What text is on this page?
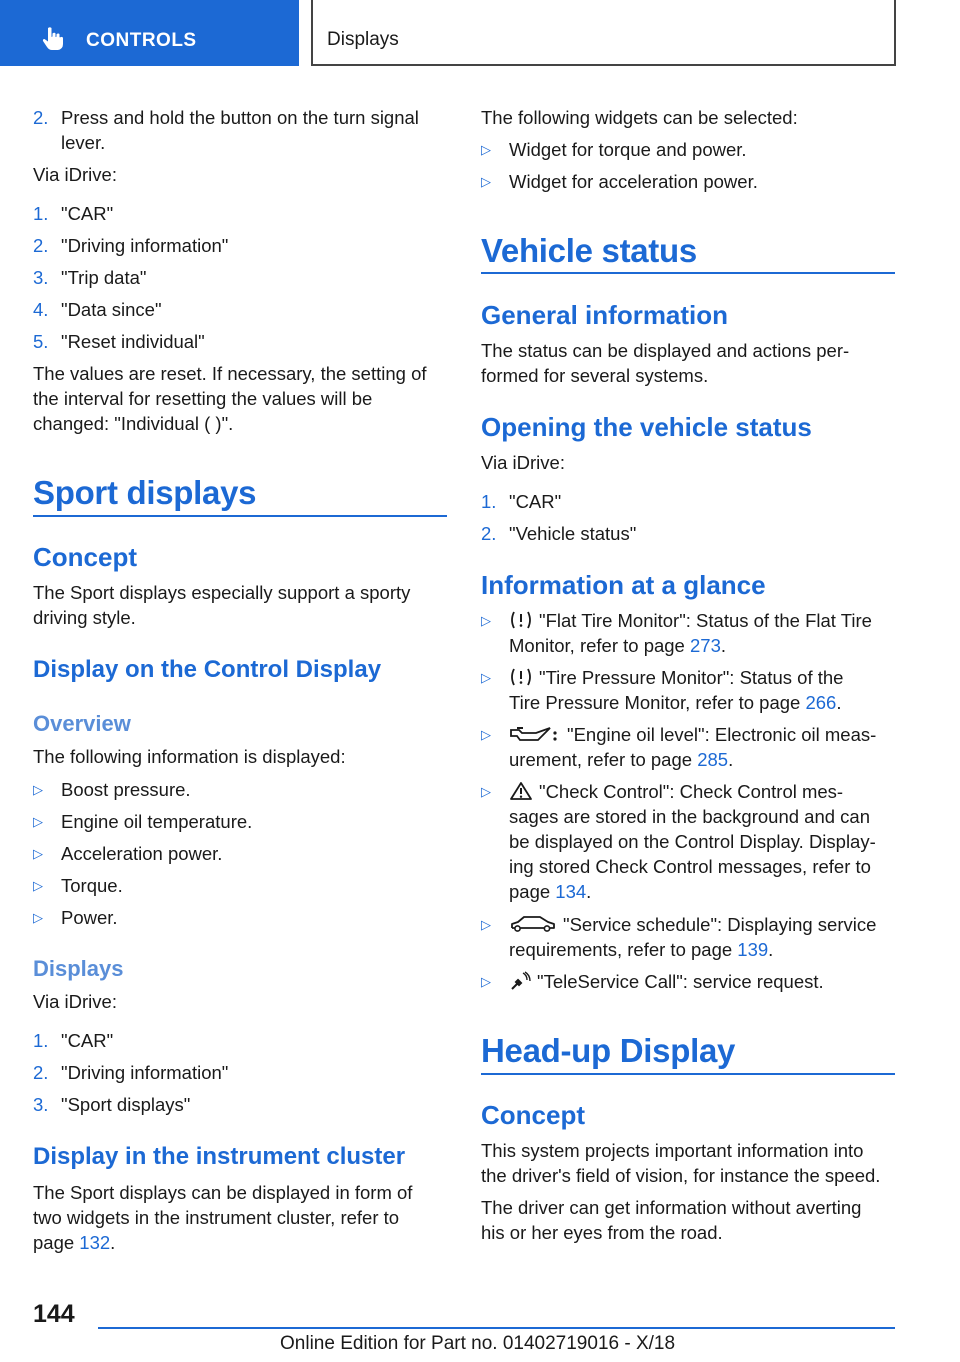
CONTROLS	Displays
2. Press and hold the button on the turn signal
lever.
Via iDrive:
1. "CAR"
2. "Driving information"
3. "Trip data"
4. "Data since"
5. "Reset individual"
The values are reset. If necessary, the setting of
the interval for resetting the values will be
changed: "Individual ( )".
Sport displays
Concept
The Sport displays especially support a sporty
driving style.
Display on the Control Display
Overview
The following information is displayed:
▷ Boost pressure.
▷ Engine oil temperature.
▷ Acceleration power.
▷ Torque.
▷ Power.
Displays
Via iDrive:
1. "CAR"
2. "Driving information"
3. "Sport displays"
Display in the instrument cluster
The Sport displays can be displayed in form of
two widgets in the instrument cluster, refer to
page 132.
The following widgets can be selected:
▷ Widget for torque and power.
▷ Widget for acceleration power.
Vehicle status
General information
The status can be displayed and actions per‐
formed for several systems.
Opening the vehicle status
Via iDrive:
1. "CAR"
2. "Vehicle status"
Information at a glance
▷	"Flat Tire Monitor": Status of the Flat Tire
Monitor, refer to page 273.
▷	"Tire Pressure Monitor": Status of the
Tire Pressure Monitor, refer to page 266.
▷	"Engine oil level": Electronic oil meas‐
urement, refer to page 285.
▷	"Check Control": Check Control mes‐
sages are stored in the background and can
be displayed on the Control Display. Display‐
ing stored Check Control messages, refer to
page 134.
▷	"Service schedule": Displaying service
requirements, refer to page 139.
▷	"TeleService Call": service request.
Head-up Display
Concept
This system projects important information into
the driver's field of vision, for instance the speed.
The driver can get information without averting
his or her eyes from the road.
144
Online Edition for Part no. 01402719016 - X/18
